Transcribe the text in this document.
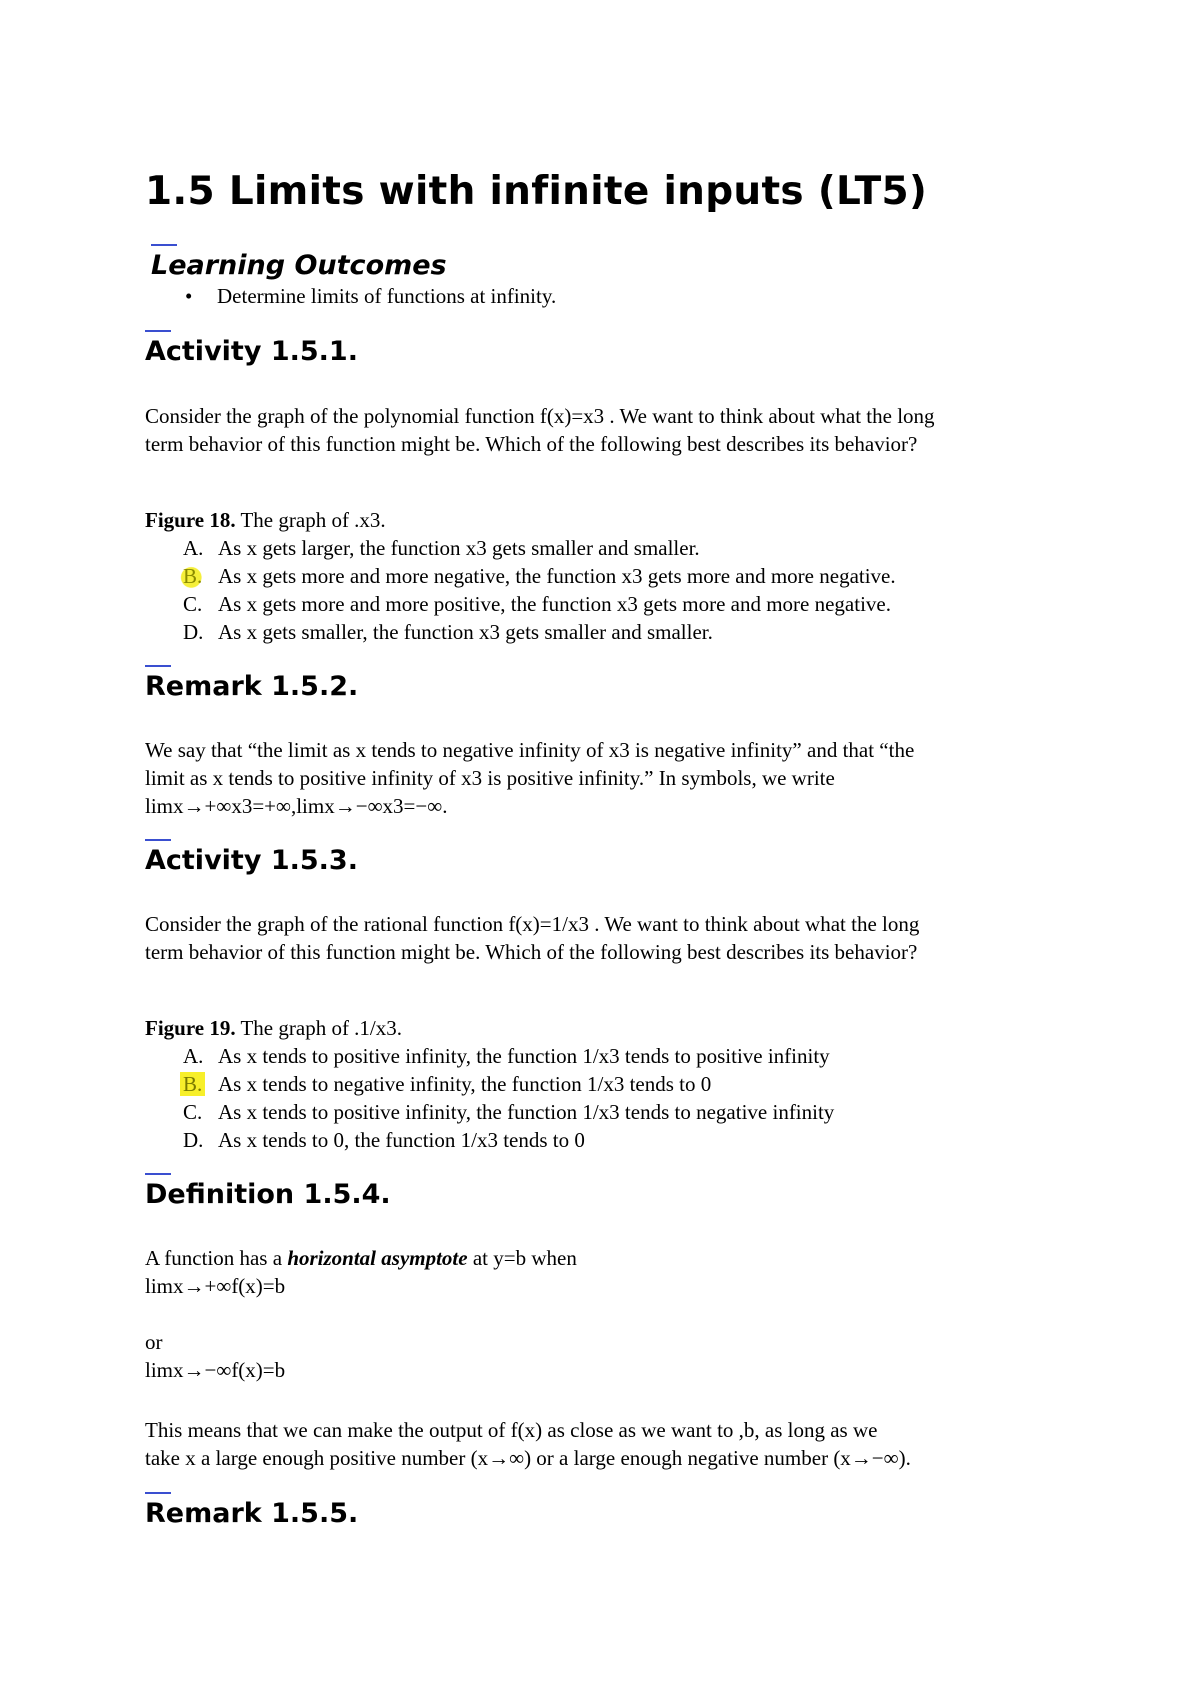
1.5 Limits with infinite inputs (LT5)
Learning Outcomes
• Determine limits of functions at infinity.
Activity 1.5.1.
Consider the graph of the polynomial function f(x)=x3 . We want to think about what the long
term behavior of this function might be. Which of the following best describes its behavior?
Figure 18. The graph of .x3.
A. As x gets larger, the function x3 gets smaller and smaller.
B. As x gets more and more negative, the function x3 gets more and more negative.
C. As x gets more and more positive, the function x3 gets more and more negative.
D. As x gets smaller, the function x3 gets smaller and smaller.
Remark 1.5.2.
We say that “the limit as x tends to negative infinity of x3 is negative infinity” and that “the
limit as x tends to positive infinity of x3 is positive infinity.” In symbols, we write
limx→+∞x3=+∞,limx→−∞x3=−∞.
Activity 1.5.3.
Consider the graph of the rational function f(x)=1/x3 . We want to think about what the long
term behavior of this function might be. Which of the following best describes its behavior?
Figure 19. The graph of .1/x3.
A. As x tends to positive infinity, the function 1/x3 tends to positive infinity
B. As x tends to negative infinity, the function 1/x3 tends to 0
C. As x tends to positive infinity, the function 1/x3 tends to negative infinity
D. As x tends to 0, the function 1/x3 tends to 0
Definition 1.5.4.
A function has a horizontal asymptote at y=b when
limx→+∞f(x)=b
or
limx→−∞f(x)=b
This means that we can make the output of f(x) as close as we want to ,b, as long as we
take x a large enough positive number (x→∞) or a large enough negative number (x→−∞).
Remark 1.5.5.
